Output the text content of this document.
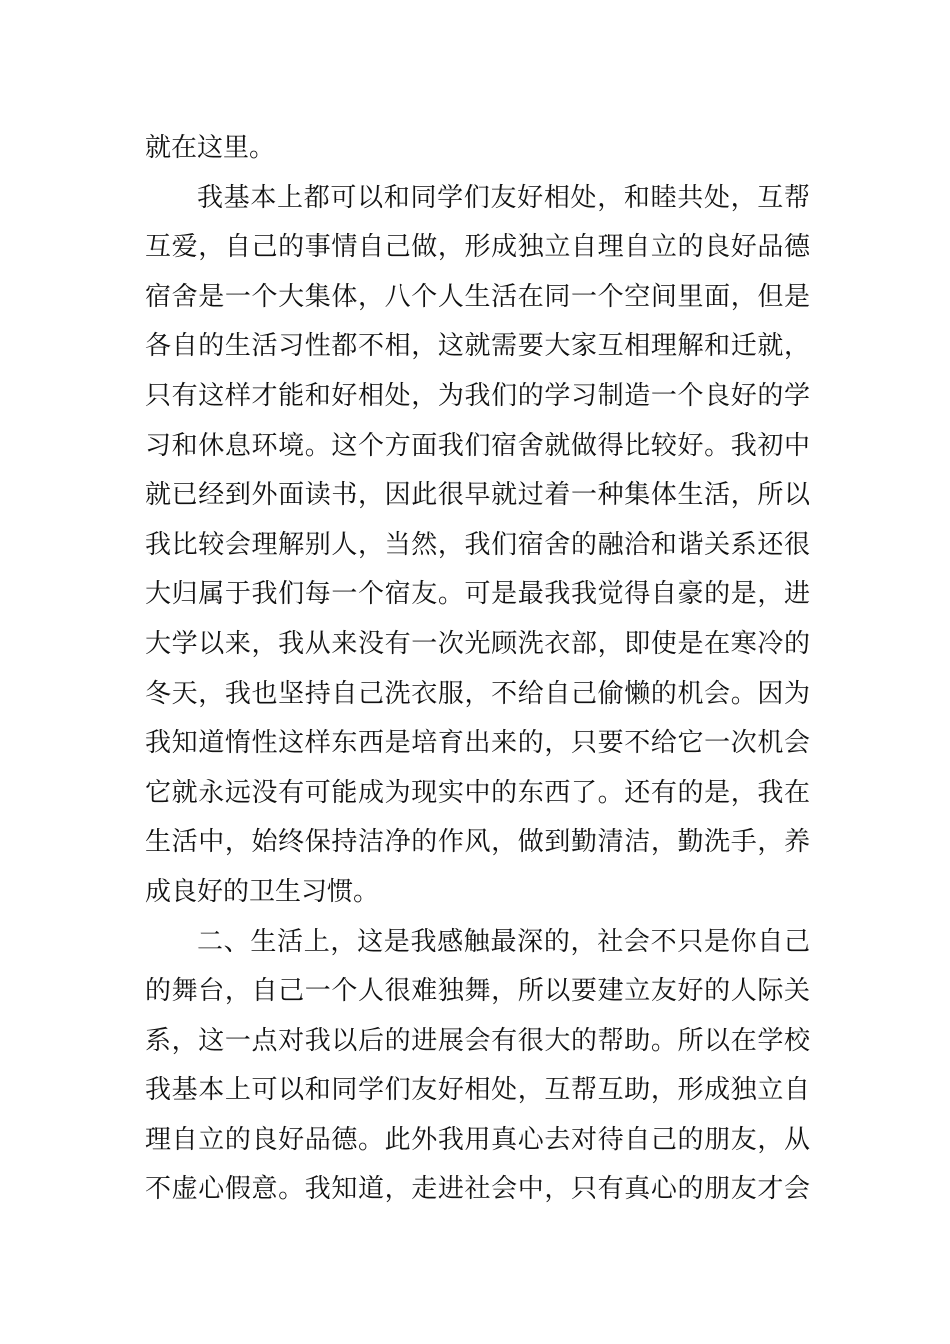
就在这里。
我基本上都可以和同学们友好相处，和睦共处，互帮
互爱，自己的事情自己做，形成独立自理自立的良好品德
宿舍是一个大集体，八个人生活在同一个空间里面，但是
各自的生活习性都不相，这就需要大家互相理解和迁就，
只有这样才能和好相处，为我们的学习制造一个良好的学
习和休息环境。这个方面我们宿舍就做得比较好。我初中
就已经到外面读书，因此很早就过着一种集体生活，所以
我比较会理解别人，当然，我们宿舍的融洽和谐关系还很
大归属于我们每一个宿友。可是最我我觉得自豪的是，进
大学以来，我从来没有一次光顾洗衣部，即使是在寒冷的
冬天，我也坚持自己洗衣服，不给自己偷懒的机会。因为
我知道惰性这样东西是培育出来的，只要不给它一次机会
它就永远没有可能成为现实中的东西了。还有的是，我在
生活中，始终保持洁净的作风，做到勤清洁，勤洗手，养
成良好的卫生习惯。
二、生活上，这是我感触最深的，社会不只是你自己
的舞台，自己一个人很难独舞，所以要建立友好的人际关
系，这一点对我以后的进展会有很大的帮助。所以在学校
我基本上可以和同学们友好相处，互帮互助，形成独立自
理自立的良好品德。此外我用真心去对待自己的朋友，从
不虚心假意。我知道，走进社会中，只有真心的朋友才会
